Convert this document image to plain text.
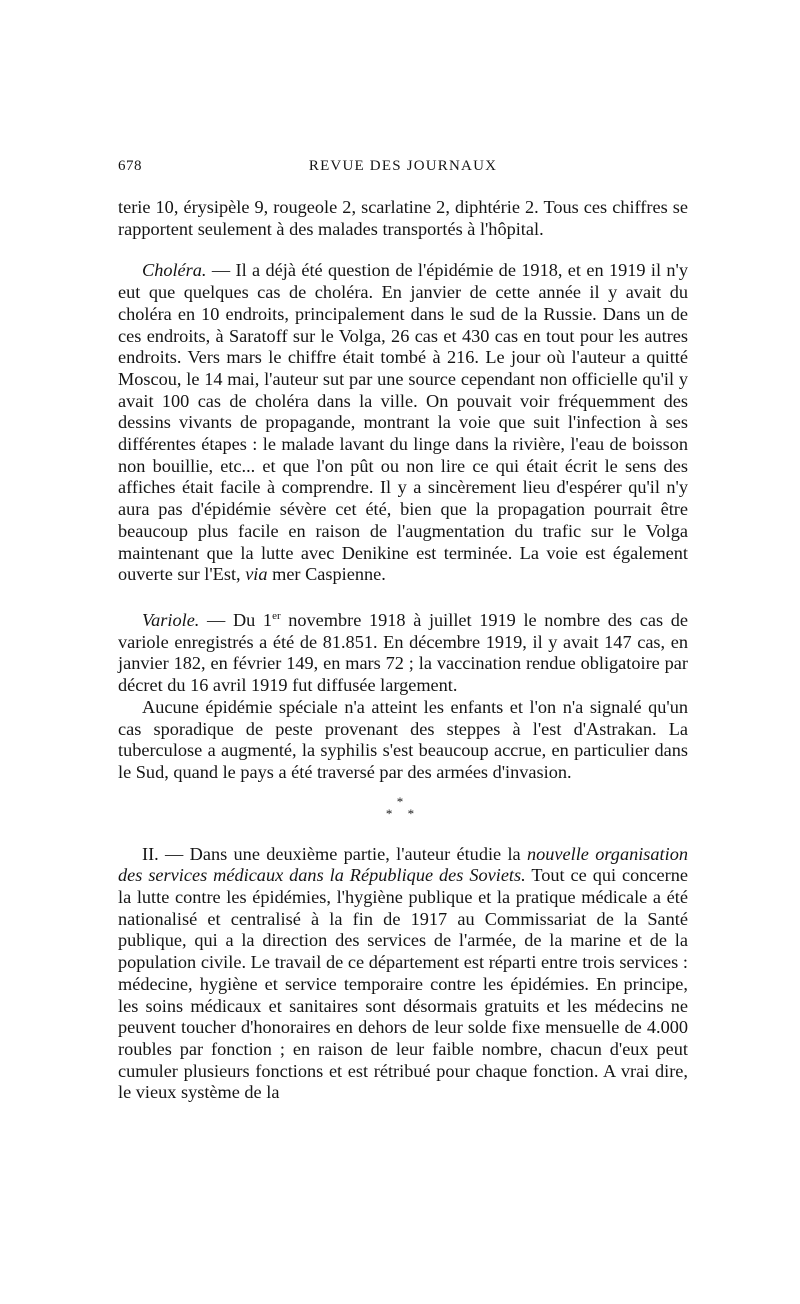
678	REVUE DES JOURNAUX

terie 10, érysipèle 9, rougeole 2, scarlatine 2, diphtérie 2. Tous ces chiffres se rapportent seulement à des malades transportés à l'hôpital.

Choléra. — Il a déjà été question de l'épidémie de 1918, et en 1919 il n'y eut que quelques cas de choléra. En janvier de cette année il y avait du choléra en 10 endroits, principalement dans le sud de la Russie. Dans un de ces endroits, à Saratoff sur le Volga, 26 cas et 430 cas en tout pour les autres endroits. Vers mars le chiffre était tombé à 216. Le jour où l'auteur a quitté Moscou, le 14 mai, l'auteur sut par une source cependant non officielle qu'il y avait 100 cas de choléra dans la ville. On pouvait voir fréquemment des dessins vivants de propagande, montrant la voie que suit l'infection à ses différentes étapes : le malade lavant du linge dans la rivière, l'eau de boisson non bouillie, etc... et que l'on pût ou non lire ce qui était écrit le sens des affiches était facile à comprendre. Il y a sincèrement lieu d'espérer qu'il n'y aura pas d'épidémie sévère cet été, bien que la propagation pourrait être beaucoup plus facile en raison de l'augmentation du trafic sur le Volga maintenant que la lutte avec Denikine est terminée. La voie est également ouverte sur l'Est, via mer Caspienne.

Variole. — Du 1er novembre 1918 à juillet 1919 le nombre des cas de variole enregistrés a été de 81.851. En décembre 1919, il y avait 147 cas, en janvier 182, en février 149, en mars 72 ; la vaccination rendue obligatoire par décret du 16 avril 1919 fut diffusée largement.

Aucune épidémie spéciale n'a atteint les enfants et l'on n'a signalé qu'un cas sporadique de peste provenant des steppes à l'est d'Astrakan. La tuberculose a augmenté, la syphilis s'est beaucoup accrue, en particulier dans le Sud, quand le pays a été traversé par des armées d'invasion.

*
* *

II. — Dans une deuxième partie, l'auteur étudie la nouvelle organisation des services médicaux dans la République des Soviets. Tout ce qui concerne la lutte contre les épidémies, l'hygiène publique et la pratique médicale a été nationalisé et centralisé à la fin de 1917 au Commissariat de la Santé publique, qui a la direction des services de l'armée, de la marine et de la population civile. Le travail de ce département est réparti entre trois services : médecine, hygiène et service temporaire contre les épidémies. En principe, les soins médicaux et sanitaires sont désormais gratuits et les médecins ne peuvent toucher d'honoraires en dehors de leur solde fixe mensuelle de 4.000 roubles par fonction ; en raison de leur faible nombre, chacun d'eux peut cumuler plusieurs fonctions et est rétribué pour chaque fonction. A vrai dire, le vieux système de la
